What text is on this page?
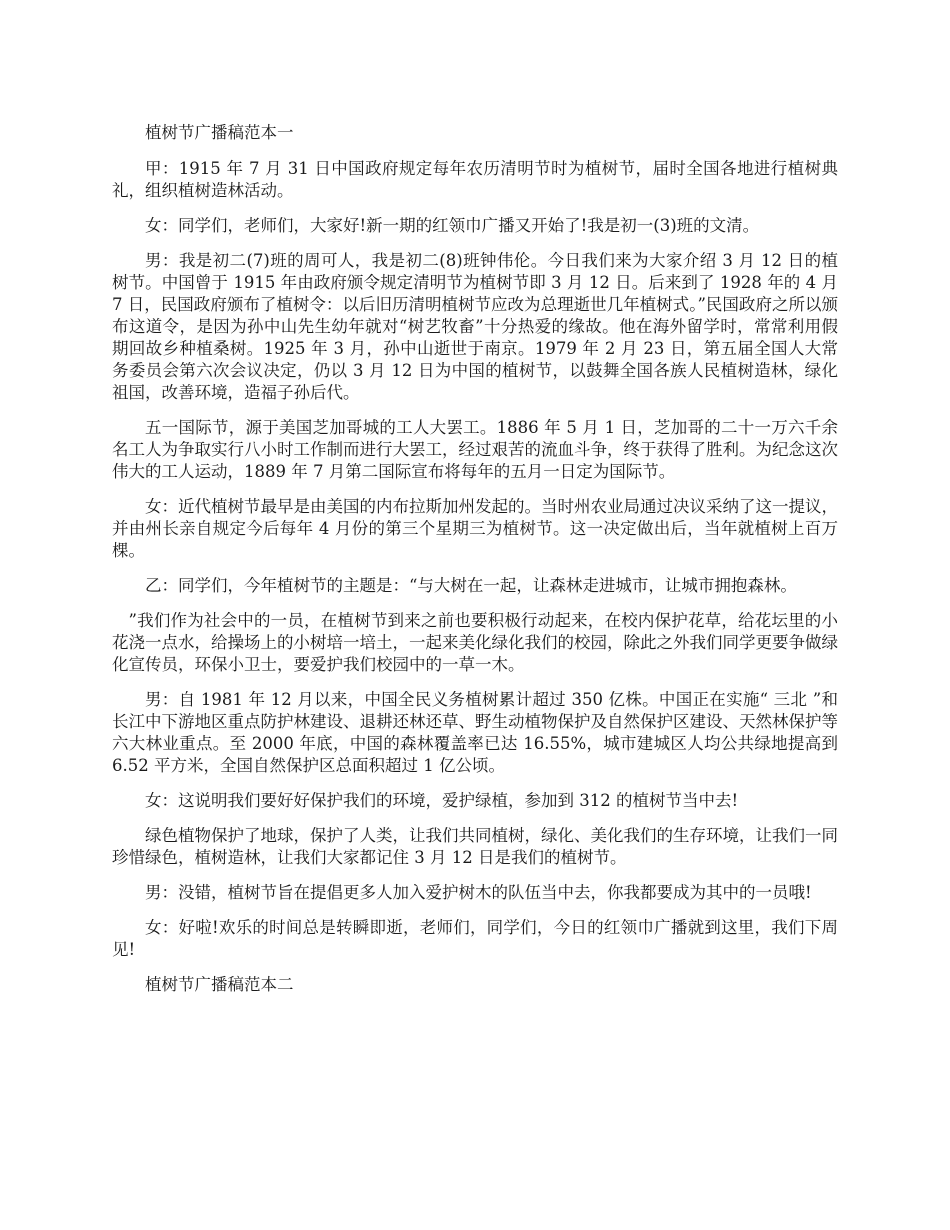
植树节广播稿范本一

甲：1915 年 7 月 31 日中国政府规定每年农历清明节时为植树节，届时全国各地进行植树典礼，组织植树造林活动。

女：同学们，老师们，大家好!新一期的红领巾广播又开始了!我是初一(3)班的文清。

男：我是初二(7)班的周可人，我是初二(8)班钟伟伦。今日我们来为大家介绍 3 月 12 日的植树节。中国曾于 1915 年由政府颁令规定清明节为植树节即 3 月 12 日。后来到了 1928 年的 4 月 7 日，民国政府颁布了植树令：以后旧历清明植树节应改为总理逝世几年植树式。”民国政府之所以颁布这道令，是因为孙中山先生幼年就对“树艺牧畜”十分热爱的缘故。他在海外留学时，常常利用假期回故乡种植桑树。1925 年 3 月，孙中山逝世于南京。1979 年 2 月 23 日，第五届全国人大常务委员会第六次会议决定，仍以 3 月 12 日为中国的植树节，以鼓舞全国各族人民植树造林，绿化祖国，改善环境，造福子孙后代。

五一国际节，源于美国芝加哥城的工人大罢工。1886 年 5 月 1 日，芝加哥的二十一万六千余名工人为争取实行八小时工作制而进行大罢工，经过艰苦的流血斗争，终于获得了胜利。为纪念这次伟大的工人运动，1889 年 7 月第二国际宣布将每年的五月一日定为国际节。

女：近代植树节最早是由美国的内布拉斯加州发起的。当时州农业局通过决议采纳了这一提议，并由州长亲自规定今后每年 4 月份的第三个星期三为植树节。这一决定做出后，当年就植树上百万棵。

乙：同学们，今年植树节的主题是：“与大树在一起，让森林走进城市，让城市拥抱森林。

”我们作为社会中的一员，在植树节到来之前也要积极行动起来，在校内保护花草，给花坛里的小花浇一点水，给操场上的小树培一培土，一起来美化绿化我们的校园，除此之外我们同学更要争做绿化宣传员，环保小卫士，要爱护我们校园中的一草一木。

男：自 1981 年 12 月以来，中国全民义务植树累计超过 350 亿株。中国正在实施“ 三北 ”和长江中下游地区重点防护林建设、退耕还林还草、野生动植物保护及自然保护区建设、天然林保护等六大林业重点。至 2000 年底，中国的森林覆盖率已达 16.55%，城市建城区人均公共绿地提高到 6.52 平方米，全国自然保护区总面积超过 1 亿公顷。

女：这说明我们要好好保护我们的环境，爱护绿植，参加到 312 的植树节当中去!

绿色植物保护了地球，保护了人类，让我们共同植树，绿化、美化我们的生存环境，让我们一同珍惜绿色，植树造林，让我们大家都记住 3 月 12 日是我们的植树节。

男：没错，植树节旨在提倡更多人加入爱护树木的队伍当中去，你我都要成为其中的一员哦!

女：好啦!欢乐的时间总是转瞬即逝，老师们，同学们，今日的红领巾广播就到这里，我们下周见!

植树节广播稿范本二
